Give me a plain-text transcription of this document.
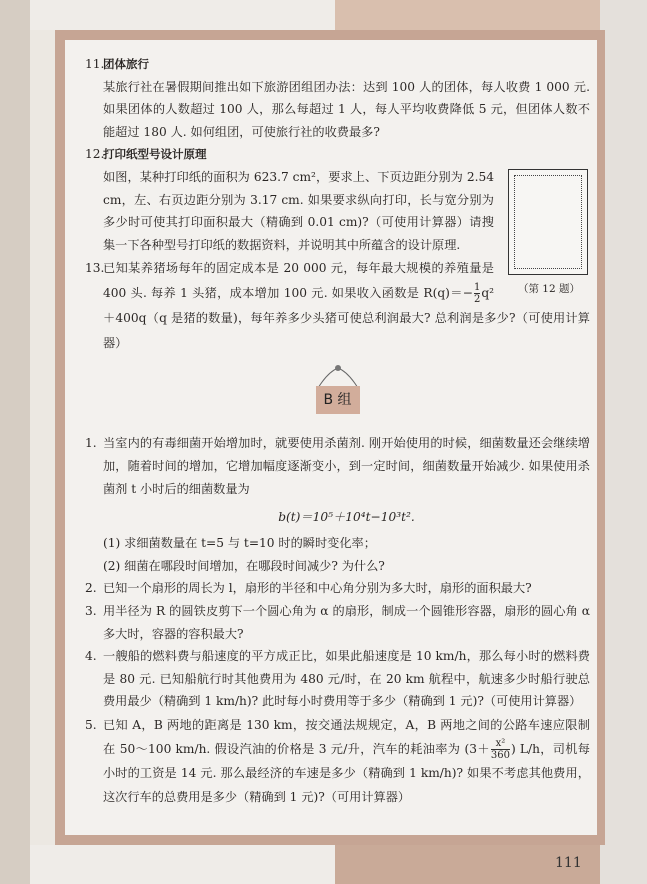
11.
团体旅行
某旅行社在暑假期间推出如下旅游团组团办法：达到 100 人的团体，每人收费 1 000 元. 如果团体的人数超过 100 人，那么每超过 1 人，每人平均收费降低 5 元，但团体人数不能超过 180 人. 如何组团，可使旅行社的收费最多?
（第 12 题）
12.
打印纸型号设计原理
如图，某种打印纸的面积为 623.7 cm²，要求上、下页边距分别为 2.54 cm，左、右页边距分别为 3.17 cm. 如果要求纵向打印，长与宽分别为多少时可使其打印面积最大（精确到 0.01 cm)?（可使用计算器）请搜集一下各种型号打印纸的数据资料，并说明其中所蕴含的设计原理.
13.
已知某养猪场每年的固定成本是 20 000 元，每年最大规模的养殖量是 400 头. 每养 1 头猪，成本增加 100 元. 如果收入函数是 $R(q)=- \frac{1}{2} q^2+400q(q$ 是猪的数量)，每年养多少头猪可使总利润最大? 总利润是多少?（可使用计算器）
B 组
1. 当室内的有毒细菌开始增加时，就要使用杀菌剂. 刚开始使用的时候，细菌数量还会继续增加，随着时间的增加，它增加幅度逐渐变小，到一定时间，细菌数量开始减少. 如果使用杀菌剂 t 小时后的细菌数量为
b(t)＝10⁵＋10⁴t−10³t².
(1) 求细菌数量在 t=5 与 t=10 时的瞬时变化率；
(2) 细菌在哪段时间增加，在哪段时间减少? 为什么?
2. 已知一个扇形的周长为 l，扇形的半径和中心角分别为多大时，扇形的面积最大?
3. 用半径为 R 的圆铁皮剪下一个圆心角为 α 的扇形，制成一个圆锥形容器，扇形的圆心角 α 多大时，容器的容积最大?
4. 一艘船的燃料费与船速度的平方成正比，如果此船速度是 10 km/h，那么每小时的燃料费是 80 元. 已知船航行时其他费用为 480 元/时，在 20 km 航程中，航速多少时船行驶总费用最少（精确到 1 km/h)? 此时每小时费用等于多少（精确到 1 元)?（可使用计算器）
5. 已知 A，B 两地的距离是 130 km，按交通法规规定，A，B 两地之间的公路车速应限制在 50～100 km/h. 假设汽油的价格是 3 元/升，汽车的耗油率为 ($3+ \frac{\text{x²}}{360}$ ) L/h，司机每小时的工资是 14 元. 那么最经济的车速是多少（精确到 1 km/h)? 如果不考虑其他费用，这次行车的总费用是多少（精确到 1 元)?（可用计算器）
111
